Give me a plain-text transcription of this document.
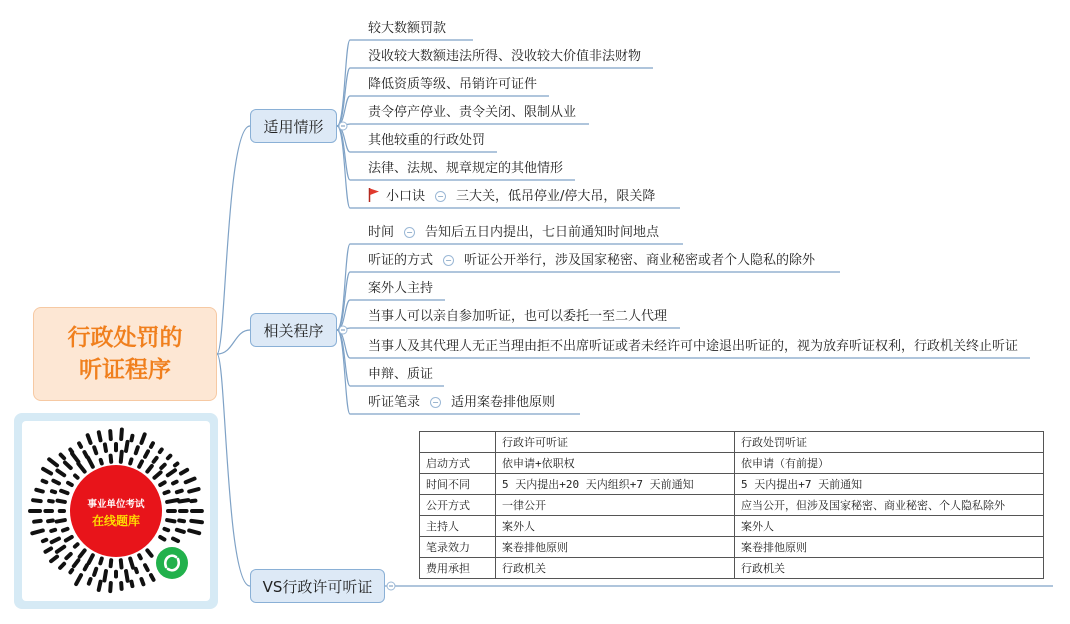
行政处罚的
听证程序
适用情形
相关程序
VS行政许可听证
较大数额罚款
没收较大数额违法所得、没收较大价值非法财物
降低资质等级、吊销许可证件
责令停产停业、责令关闭、限制从业
其他较重的行政处罚
法律、法规、规章规定的其他情形
小口诀 − 三大关，低吊停业/停大吊，限关降
时间 − 告知后五日内提出，七日前通知时间地点
听证的方式 − 听证公开举行，涉及国家秘密、商业秘密或者个人隐私的除外
案外人主持
当事人可以亲自参加听证，也可以委托一至二人代理
当事人及其代理人无正当理由拒不出席听证或者未经许可中途退出听证的，视为放弃听证权利，行政机关终止听证
申辩、质证
听证笔录 − 适用案卷排他原则
	行政许可听证	行政处罚听证
启动方式	依申请+依职权	依申请（有前提）
时间不同	5 天内提出+20 天内组织+7 天前通知	5 天内提出+7 天前通知
公开方式	一律公开	应当公开，但涉及国家秘密、商业秘密、个人隐私除外
主持人	案外人	案外人
笔录效力	案卷排他原则	案卷排他原则
费用承担	行政机关	行政机关
事业单位考试
在线题库
